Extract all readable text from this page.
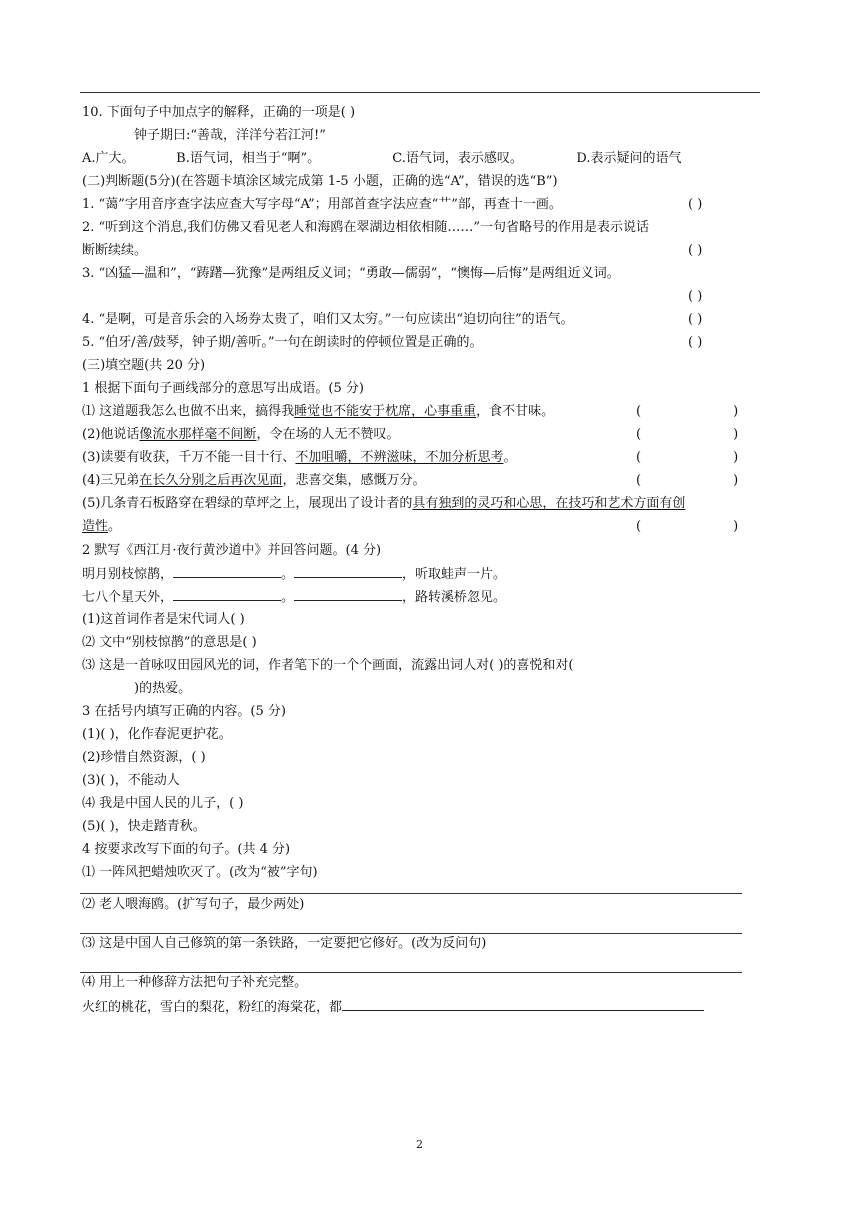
10. 下面句子中加点字的解释，正确的一项是( )
钟子期曰:“善哉，洋洋兮若江河!”
A.广大。	B.语气词，相当于“啊”。	C.语气词，表示感叹。	D.表示疑问的语气
(二)判断题(5分)(在答题卡填涂区域完成第 1-5 小题，正确的选“A”，错误的选“B”)
1. “蔼”字用音序查字法应查大写字母“A”；用部首查字法应查“艹”部，再查十一画。	( )
2. “听到这个消息,我们仿佛又看见老人和海鸥在翠湖边相依相随……”一句省略号的作用是表示说话
断断续续。	( )
3. “凶猛—温和”，“踌躇—犹豫”是两组反义词；“勇敢—儒弱”，“懊悔—后悔”是两组近义词。
( )
4. “是啊，可是音乐会的入场券太贵了，咱们又太穷。”一句应读出“迫切向往”的语气。	( )
5. “伯牙/善/鼓琴，钟子期/善听。”一句在朗读时的停顿位置是正确的。	( )
(三)填空题(共 20 分)
1 根据下面句子画线部分的意思写出成语。(5 分)
⑴ 这道题我怎么也做不出来，搞得我睡觉也不能安于枕席，心事重重，食不甘味。	(	)
(2)他说话像流水那样毫不间断，令在场的人无不赞叹。	(	)
(3)读要有收获，千万不能一目十行、不加咀嚼，不辨滋味，不加分析思考。	(	)
(4)三兄弟在长久分别之后再次见面，悲喜交集，感慨万分。	(	)
(5)几条青石板路穿在碧绿的草坪之上，展现出了设计者的具有独到的灵巧和心思，在技巧和艺术方面有创
造性。	(	)
2 默写《西江月·夜行黄沙道中》并回答问题。(4 分)
明月别枝惊鹊，	。	，听取蛙声一片。
七八个星天外，	。	，路转溪桥忽见。
(1)这首词作者是宋代词人( )
⑵ 文中“别枝惊鹊”的意思是( )
⑶ 这是一首咏叹田园风光的词，作者笔下的一个个画面，流露出词人对( )的喜悦和对(
)的热爱。
3 在括号内填写正确的内容。(5 分)
(1)( )，化作春泥更护花。
(2)珍惜自然资源，( )
(3)( )，不能动人
⑷ 我是中国人民的儿子，( )
(5)( )，快走踏青秋。
4 按要求改写下面的句子。(共 4 分)
⑴ 一阵风把蜡烛吹灭了。(改为“被”字句)
⑵ 老人喂海鸥。(扩写句子，最少两处)
⑶ 这是中国人自己修筑的第一条铁路，一定要把它修好。(改为反问句)
⑷ 用上一种修辞方法把句子补充完整。
火红的桃花，雪白的梨花，粉红的海棠花，都
2
